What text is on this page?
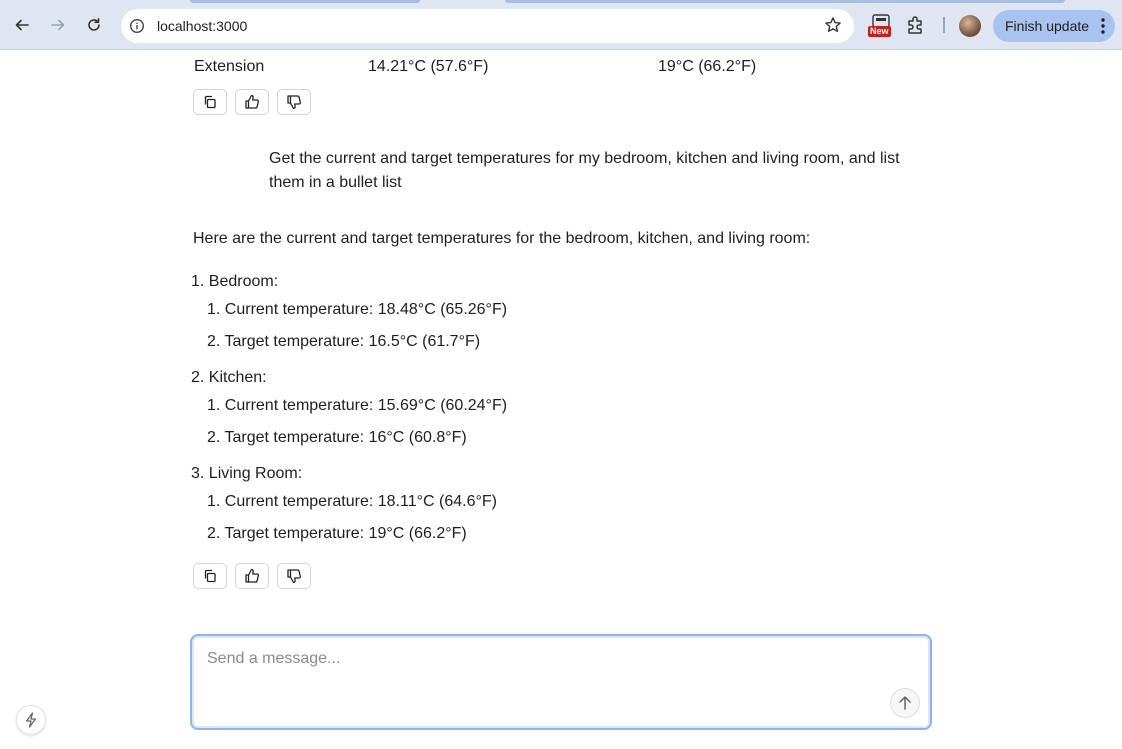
localhost:3000	New	Finish update
Extension	14.21°C (57.6°F)	19°C (66.2°F)
Get the current and target temperatures for my bedroom, kitchen and living room, and list them in a bullet list
Here are the current and target temperatures for the bedroom, kitchen, and living room:
1. Bedroom:
1. Current temperature: 18.48°C (65.26°F)
2. Target temperature: 16.5°C (61.7°F)
2. Kitchen:
1. Current temperature: 15.69°C (60.24°F)
2. Target temperature: 16°C (60.8°F)
3. Living Room:
1. Current temperature: 18.11°C (64.6°F)
2. Target temperature: 19°C (66.2°F)
Send a message...
